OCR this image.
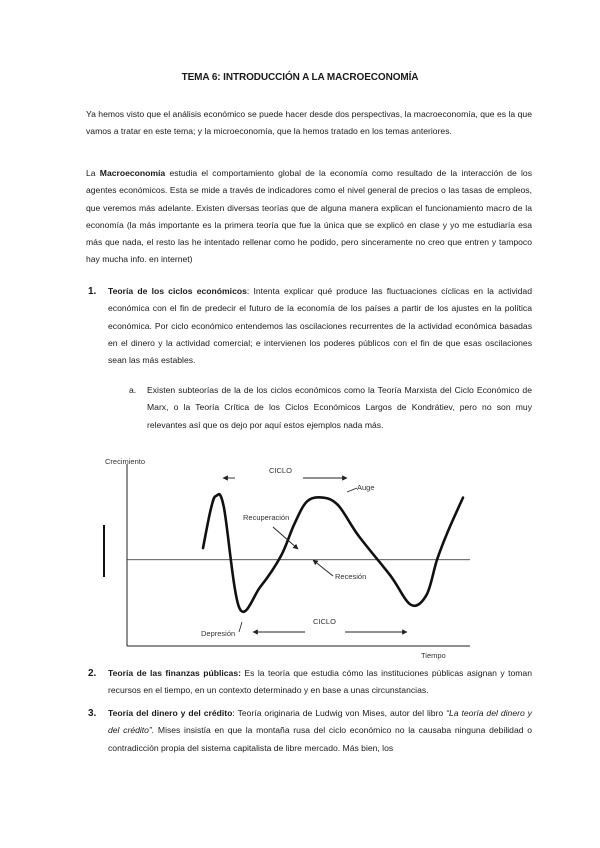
TEMA 6: INTRODUCCIÓN A LA MACROECONOMÍA
Ya hemos visto que el análisis económico se puede hacer desde dos perspectivas, la macroeconomía, que es la que vamos a tratar en este tema; y la microeconomía, que la hemos tratado en los temas anteriores.
La Macroeconomía estudia el comportamiento global de la economía como resultado de la interacción de los agentes económicos. Esta se mide a través de indicadores como el nivel general de precios o las tasas de empleos, que veremos más adelante. Existen diversas teorías que de alguna manera explican el funcionamiento macro de la economía (la más importante es la primera teoría que fue la única que se explicó en clase y yo me estudiaría esa más que nada, el resto las he intentado rellenar como he podido, pero sinceramente no creo que entren y tampoco hay mucha info. en internet)
1. Teoría de los ciclos económicos: Intenta explicar qué produce las fluctuaciones cíclicas en la actividad económica con el fin de predecir el futuro de la economía de los países a partir de los ajustes en la política económica. Por ciclo económico entendemos las oscilaciones recurrentes de la actividad económica basadas en el dinero y la actividad comercial; e intervienen los poderes públicos con el fin de que esas oscilaciones sean las más estables.
a. Existen subteorías de la de los ciclos económicos como la Teoría Marxista del Ciclo Económico de Marx, o la Teoría Crítica de los Ciclos Económicos Largos de Kondrátiev, pero no son muy relevantes así que os dejo por aquí estos ejemplos nada más.
Crecimiento
Tiempo
CICLO
Auge
Recuperación
Recesión
Depresión
CICLO
2. Teoría de las finanzas públicas: Es la teoría que estudia cómo las instituciones públicas asignan y toman recursos en el tiempo, en un contexto determinado y en base a unas circunstancias.
3. Teoría del dinero y del crédito: Teoría originaria de Ludwig von Mises, autor del libro “La teoría del dinero y del crédito”. Mises insistía en que la montaña rusa del ciclo económico no la causaba ninguna debilidad o contradicción propia del sistema capitalista de libre mercado. Más bien, los
